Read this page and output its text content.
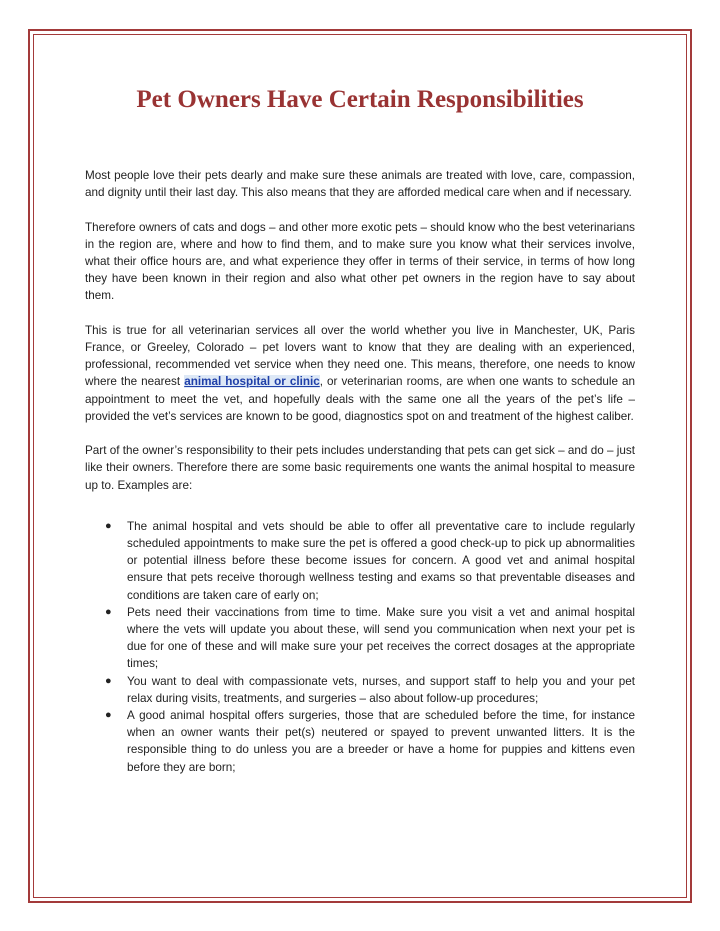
Pet Owners Have Certain Responsibilities

Most people love their pets dearly and make sure these animals are treated with love, care, compassion, and dignity until their last day. This also means that they are afforded medical care when and if necessary.

Therefore owners of cats and dogs – and other more exotic pets – should know who the best veterinarians in the region are, where and how to find them, and to make sure you know what their services involve, what their office hours are, and what experience they offer in terms of their service, in terms of how long they have been known in their region and also what other pet owners in the region have to say about them.

This is true for all veterinarian services all over the world whether you live in Manchester, UK, Paris France, or Greeley, Colorado – pet lovers want to know that they are dealing with an experienced, professional, recommended vet service when they need one. This means, therefore, one needs to know where the nearest animal hospital or clinic, or veterinarian rooms, are when one wants to schedule an appointment to meet the vet, and hopefully deals with the same one all the years of the pet’s life – provided the vet’s services are known to be good, diagnostics spot on and treatment of the highest caliber.

Part of the owner’s responsibility to their pets includes understanding that pets can get sick – and do – just like their owners. Therefore there are some basic requirements one wants the animal hospital to measure up to. Examples are:

● The animal hospital and vets should be able to offer all preventative care to include regularly scheduled appointments to make sure the pet is offered a good check-up to pick up abnormalities or potential illness before these become issues for concern. A good vet and animal hospital ensure that pets receive thorough wellness testing and exams so that preventable diseases and conditions are taken care of early on;
● Pets need their vaccinations from time to time. Make sure you visit a vet and animal hospital where the vets will update you about these, will send you communication when next your pet is due for one of these and will make sure your pet receives the correct dosages at the appropriate times;
● You want to deal with compassionate vets, nurses, and support staff to help you and your pet relax during visits, treatments, and surgeries – also about follow-up procedures;
● A good animal hospital offers surgeries, those that are scheduled before the time, for instance when an owner wants their pet(s) neutered or spayed to prevent unwanted litters. It is the responsible thing to do unless you are a breeder or have a home for puppies and kittens even before they are born;
